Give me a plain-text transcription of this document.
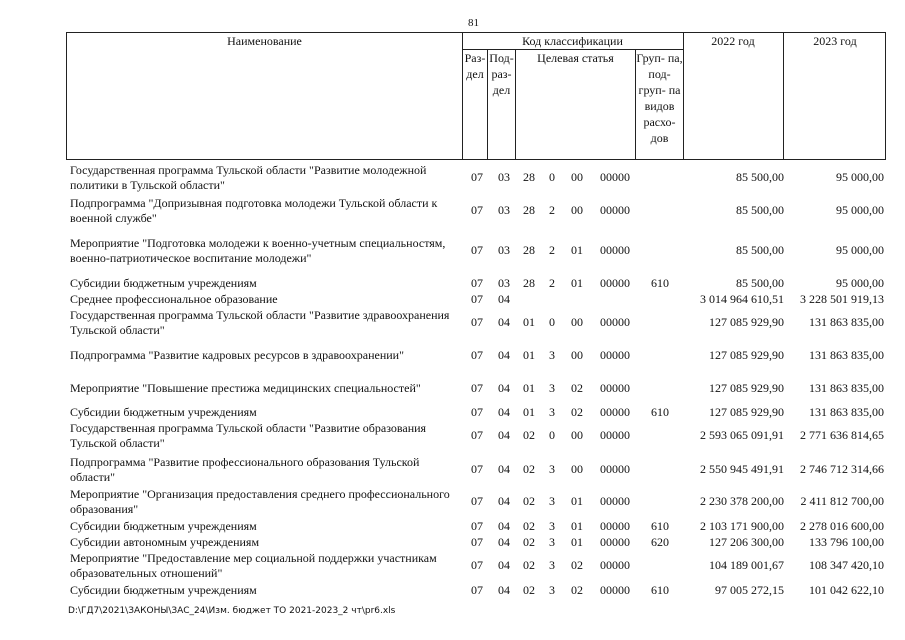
81
Наименование	Код классификации
Раз- дел
Под- раз- дел
Целевая статья	Груп- па, под- груп- па видов расхо- дов
2022 год	2023 год
Государственная программа Тульской области "Развитие молодежной политики в Тульской области"
07	03	28	0	00	00000	85 500,00	95 000,00
Подпрограмма "Допризывная подготовка молодежи Тульской области к военной службе"
07	03	28	2	00	00000	85 500,00	95 000,00
Мероприятие "Подготовка молодежи к военно-учетным специальностям, военно-патриотическое воспитание молодежи"
07	03	28	2	01	00000	85 500,00	95 000,00
Субсидии бюджетным учреждениям	07	03	28	2	01	00000	610	85 500,00	95 000,00
Среднее профессиональное образование	07	04	3 014 964 610,51	3 228 501 919,13
Государственная программа Тульской области "Развитие здравоохранения Тульской области"
07	04	01	0	00	00000	127 085 929,90	131 863 835,00
Подпрограмма "Развитие кадровых ресурсов в здравоохранении"	07	04	01	3	00	00000	127 085 929,90	131 863 835,00
Мероприятие "Повышение престижа медицинских специальностей"	07	04	01	3	02	00000	127 085 929,90	131 863 835,00
Субсидии бюджетным учреждениям	07	04	01	3	02	00000	610	127 085 929,90	131 863 835,00
Государственная программа Тульской области "Развитие образования Тульской области"
07	04	02	0	00	00000	2 593 065 091,91	2 771 636 814,65
Подпрограмма "Развитие профессионального образования Тульской области"
07	04	02	3	00	00000	2 550 945 491,91	2 746 712 314,66
Мероприятие "Организация предоставления среднего профессионального образования"
07	04	02	3	01	00000	2 230 378 200,00	2 411 812 700,00
Субсидии бюджетным учреждениям	07	04	02	3	01	00000	610	2 103 171 900,00	2 278 016 600,00
Субсидии автономным учреждениям	07	04	02	3	01	00000	620	127 206 300,00	133 796 100,00
Мероприятие "Предоставление мер социальной поддержки участникам образовательных отношений"
07	04	02	3	02	00000	104 189 001,67	108 347 420,10
Субсидии бюджетным учреждениям	07	04	02	3	02	00000	610	97 005 272,15	101 042 622,10
D:\ГД7\2021\ЗАКОНЫ\ЗАС_24\Изм. бюджет ТО 2021-2023_2 чт\pr6.xls
